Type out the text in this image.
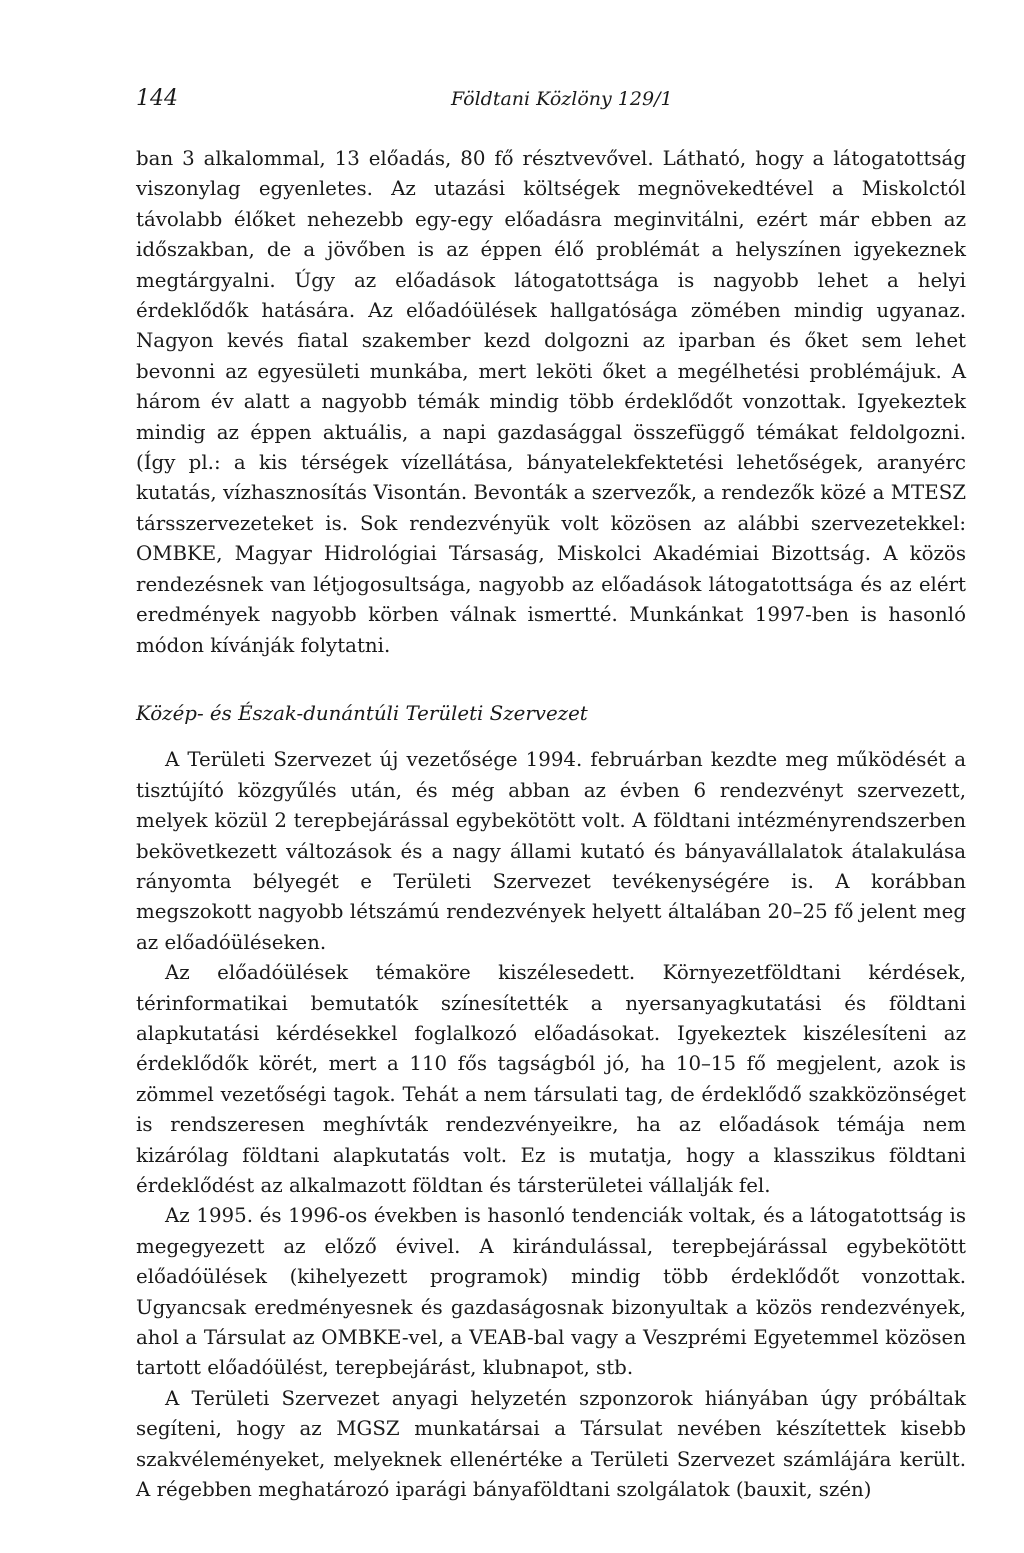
144	Földtani Közlöny 129/1

ban 3 alkalommal, 13 előadás, 80 fő résztvevővel. Látható, hogy a látogatottság viszonylag egyenletes. Az utazási költségek megnövekedtével a Miskolctól távolabb élőket nehezebb egy-egy előadásra meginvitálni, ezért már ebben az időszakban, de a jövőben is az éppen élő problémát a helyszínen igyekeznek megtárgyalni. Úgy az előadások látogatottsága is nagyobb lehet a helyi érdeklődők hatására. Az előadóülések hallgatósága zömében mindig ugyanaz. Nagyon kevés fiatal szakember kezd dolgozni az iparban és őket sem lehet bevonni az egyesületi munkába, mert leköti őket a megélhetési problémájuk. A három év alatt a nagyobb témák mindig több érdeklődőt vonzottak. Igyekeztek mindig az éppen aktuális, a napi gazdasággal összefüggő témákat feldolgozni. (Így pl.: a kis térségek vízellátása, bányatelekfektetési lehetőségek, aranyérc kutatás, vízhasznosítás Visontán. Bevonták a szervezők, a rendezők közé a MTESZ társszervezeteket is. Sok rendezvényük volt közösen az alábbi szervezetekkel: OMBKE, Magyar Hidrológiai Társaság, Miskolci Akadémiai Bizottság. A közös rendezésnek van létjogosultsága, nagyobb az előadások látogatottsága és az elért eredmények nagyobb körben válnak ismertté. Munkánkat 1997-ben is hasonló módon kívánják folytatni.

Közép- és Észak-dunántúli Területi Szervezet

A Területi Szervezet új vezetősége 1994. februárban kezdte meg működését a tisztújító közgyűlés után, és még abban az évben 6 rendezvényt szervezett, melyek közül 2 terepbejárással egybekötött volt. A földtani intézményrendszerben bekövetkezett változások és a nagy állami kutató és bányavállalatok átalakulása rányomta bélyegét e Területi Szervezet tevékenységére is. A korábban megszokott nagyobb létszámú rendezvények helyett általában 20–25 fő jelent meg az előadóüléseken.

Az előadóülések témaköre kiszélesedett. Környezetföldtani kérdések, térinformatikai bemutatók színesítették a nyersanyagkutatási és földtani alapkutatási kérdésekkel foglalkozó előadásokat. Igyekeztek kiszélesíteni az érdeklődők körét, mert a 110 fős tagságból jó, ha 10–15 fő megjelent, azok is zömmel vezetőségi tagok. Tehát a nem társulati tag, de érdeklődő szakközönséget is rendszeresen meghívták rendezvényeikre, ha az előadások témája nem kizárólag földtani alapkutatás volt. Ez is mutatja, hogy a klasszikus földtani érdeklődést az alkalmazott földtan és társterületei vállalják fel.

Az 1995. és 1996-os években is hasonló tendenciák voltak, és a látogatottság is megegyezett az előző évivel. A kirándulással, terepbejárással egybekötött előadóülések (kihelyezett programok) mindig több érdeklődőt vonzottak. Ugyancsak eredményesnek és gazdaságosnak bizonyultak a közös rendezvények, ahol a Társulat az OMBKE-vel, a VEAB-bal vagy a Veszprémi Egyetemmel közösen tartott előadóülést, terepbejárást, klubnapot, stb.

A Területi Szervezet anyagi helyzetén szponzorok hiányában úgy próbáltak segíteni, hogy az MGSZ munkatársai a Társulat nevében készítettek kisebb szakvéleményeket, melyeknek ellenértéke a Területi Szervezet számlájára került. A régebben meghatározó iparági bányaföldtani szolgálatok (bauxit, szén)
